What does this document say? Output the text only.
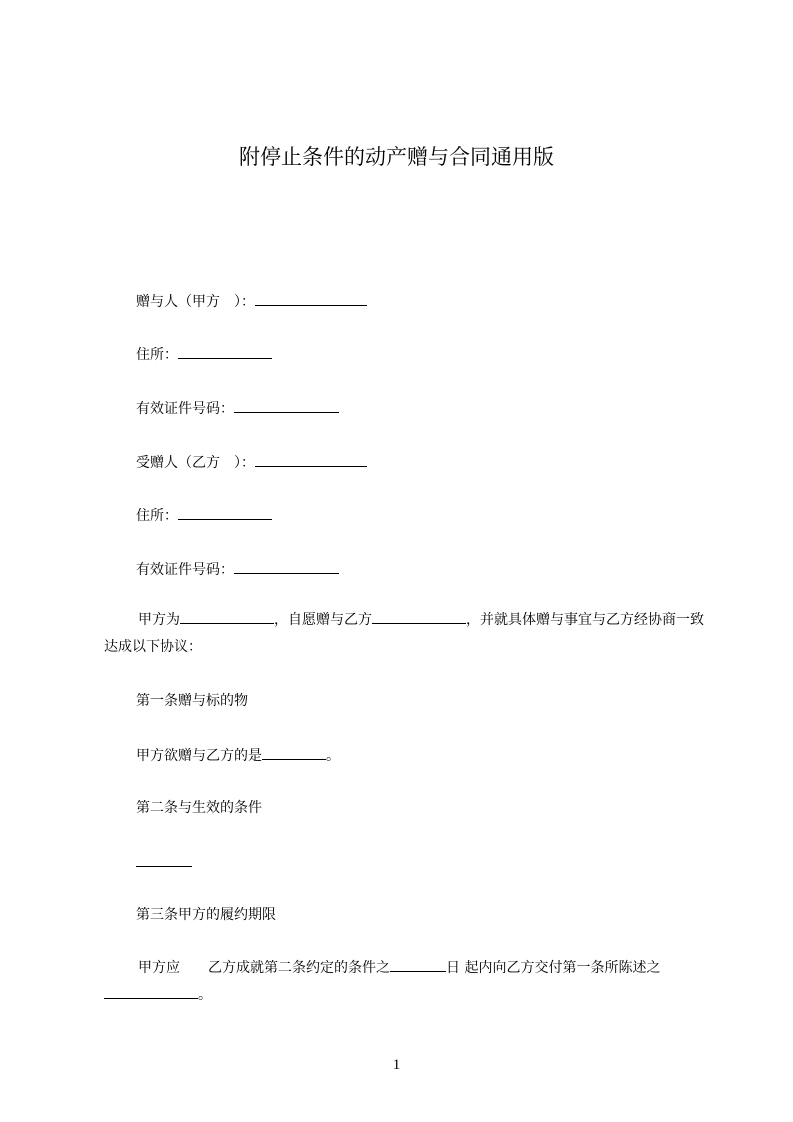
附停止条件的动产赠与合同通用版
赠与人（甲方　）：
住所：
有效证件号码：
受赠人（乙方　）：
住所：
有效证件号码：
甲方为	，自愿赠与乙方	，并就具体赠与事宜与乙方经协商一致达成以下协议：
第一条赠与标的物
甲方欲赠与乙方的是	。
第二条与生效的条件
第三条甲方的履约期限
甲方应　　乙方成就第二条约定的条件之	日 起内向乙方交付第一条所陈述之。
1
